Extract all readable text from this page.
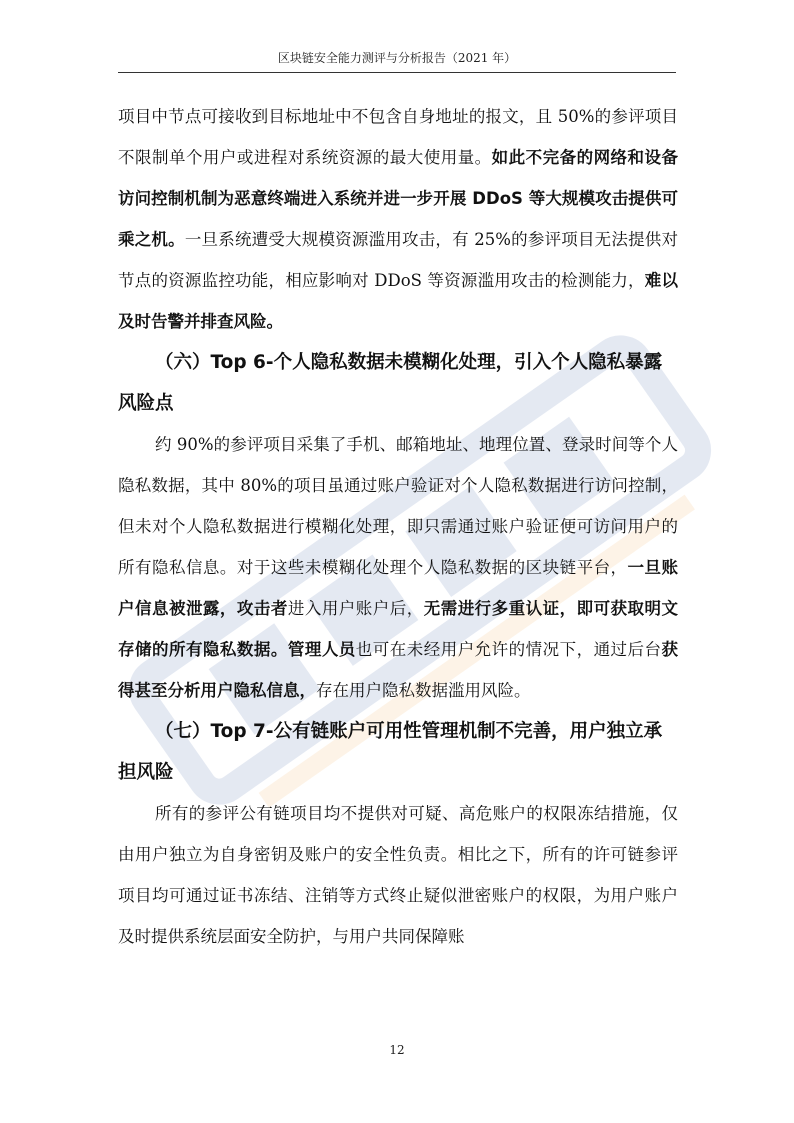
区块链安全能力测评与分析报告（2021 年）

项目中节点可接收到目标地址中不包含自身地址的报文，且 50%的参评项目不限制单个用户或进程对系统资源的最大使用量。如此不完备的网络和设备访问控制机制为恶意终端进入系统并进一步开展 DDoS 等大规模攻击提供可乘之机。一旦系统遭受大规模资源滥用攻击，有 25%的参评项目无法提供对节点的资源监控功能，相应影响对 DDoS 等资源滥用攻击的检测能力，难以及时告警并排查风险。

（六）Top 6-个人隐私数据未模糊化处理，引入个人隐私暴露风险点

约 90%的参评项目采集了手机、邮箱地址、地理位置、登录时间等个人隐私数据，其中 80%的项目虽通过账户验证对个人隐私数据进行访问控制，但未对个人隐私数据进行模糊化处理，即只需通过账户验证便可访问用户的所有隐私信息。对于这些未模糊化处理个人隐私数据的区块链平台，一旦账户信息被泄露，攻击者进入用户账户后，无需进行多重认证，即可获取明文存储的所有隐私数据。管理人员也可在未经用户允许的情况下，通过后台获得甚至分析用户隐私信息，存在用户隐私数据滥用风险。

（七）Top 7-公有链账户可用性管理机制不完善，用户独立承担风险

所有的参评公有链项目均不提供对可疑、高危账户的权限冻结措施，仅由用户独立为自身密钥及账户的安全性负责。相比之下，所有的许可链参评项目均可通过证书冻结、注销等方式终止疑似泄密账户的权限，为用户账户及时提供系统层面安全防护，与用户共同保障账

12
